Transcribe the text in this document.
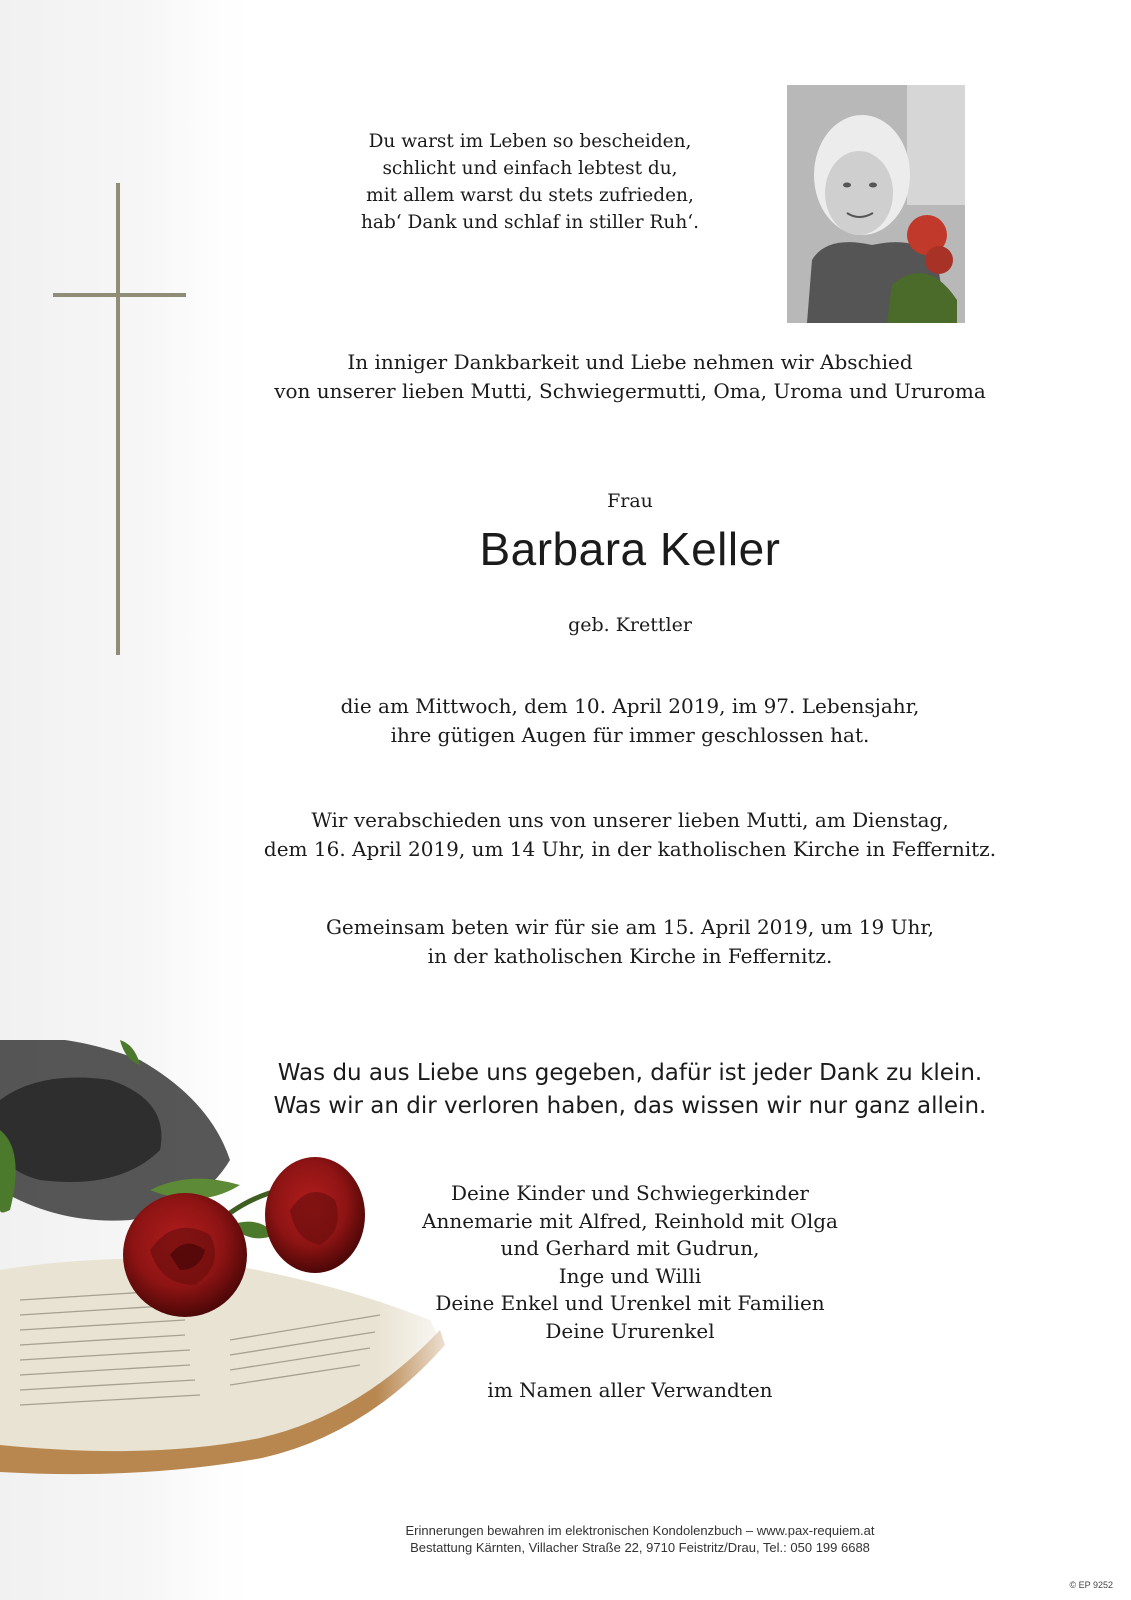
Du warst im Leben so bescheiden,
schlicht und einfach lebtest du,
mit allem warst du stets zufrieden,
hab‘ Dank und schlaf in stiller Ruh‘.
In inniger Dankbarkeit und Liebe nehmen wir Abschied
von unserer lieben Mutti, Schwiegermutti, Oma, Uroma und Ururoma
Frau
Barbara Keller
geb. Krettler
die am Mittwoch, dem 10. April 2019, im 97. Lebensjahr,
ihre gütigen Augen für immer geschlossen hat.
Wir verabschieden uns von unserer lieben Mutti, am Dienstag,
dem 16. April 2019, um 14 Uhr, in der katholischen Kirche in Feffernitz.
Gemeinsam beten wir für sie am 15. April 2019, um 19 Uhr,
in der katholischen Kirche in Feffernitz.
Was du aus Liebe uns gegeben, dafür ist jeder Dank zu klein.
Was wir an dir verloren haben, das wissen wir nur ganz allein.
Deine Kinder und Schwiegerkinder
Annemarie mit Alfred, Reinhold mit Olga
und Gerhard mit Gudrun,
Inge und Willi
Deine Enkel und Urenkel mit Familien
Deine Ururenkel
im Namen aller Verwandten
Erinnerungen bewahren im elektronischen Kondolenzbuch – www.pax-requiem.at
Bestattung Kärnten, Villacher Straße 22, 9710 Feistritz/Drau, Tel.: 050 199 6688
© EP 9252
